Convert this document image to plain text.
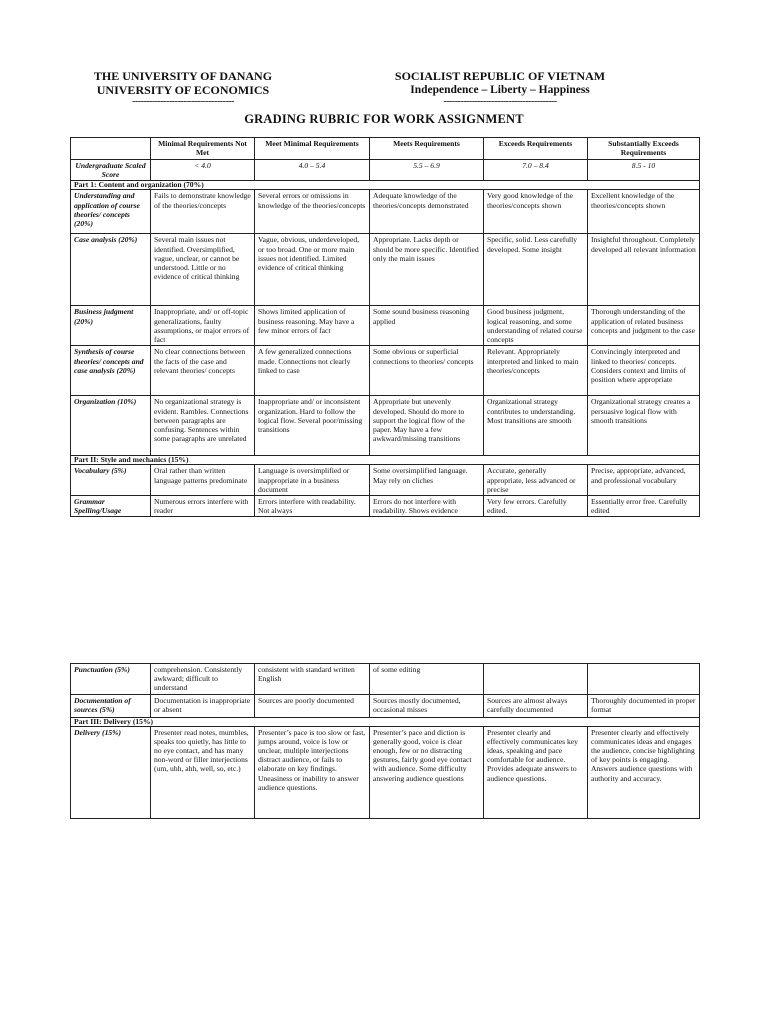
THE UNIVERSITY OF DANANG
UNIVERSITY OF ECONOMICS
------------------------------------
SOCIALIST REPUBLIC OF VIETNAM
Independence – Liberty – Happiness
----------------------------------------
GRADING RUBRIC FOR WORK ASSIGNMENT
	Minimal Requirements Not Met	Meet Minimal Requirements	Meets Requirements	Exceeds Requirements	Substantially Exceeds Requirements
Undergraduate Scaled Score	< 4.0	4.0 – 5.4	5.5 – 6.9	7.0 – 8.4	8.5 - 10
Part 1: Content and organization (70%)					
Understanding and application of course theories/ concepts (20%)	Fails to demonstrate knowledge of the theories/concepts	Several errors or omissions in knowledge of the theories/concepts	Adequate knowledge of the theories/concepts demonstrated	Very good knowledge of the theories/concepts shown	Excellent knowledge of the theories/concepts shown
Case analysis (20%)	Several main issues not identified. Oversimplified, vague, unclear, or cannot be understood. Little or no evidence of critical thinking	Vague, obvious, underdeveloped, or too broad. One or more main issues not identified. Limited evidence of critical thinking	Appropriate. Lacks depth or should be more specific. Identified only the main issues	Specific, solid. Less carefully developed. Some insight	Insightful throughout. Completely developed all relevant information
Business judgment (20%)	Inappropriate, and/ or off-topic generalizations, faulty assumptions, or major errors of fact	Shows limited application of business reasoning. May have a few minor errors of fact	Some sound business reasoning applied	Good business judgment, logical reasoning, and some understanding of related course concepts	Thorough understanding of the application of related business concepts and judgment to the case
Synthesis of course theories/ concepts and case analysis (20%)	No clear connections between the facts of the case and relevant theories/ concepts	A few generalized connections made. Connections not clearly linked to case	Some obvious or superficial connections to theories/ concepts	Relevant. Appropriately interpreted and linked to main theories/concepts	Convincingly interpreted and linked to theories/ concepts. Considers context and limits of position where appropriate
Organization (10%)	No organizational strategy is evident. Rambles. Connections between paragraphs are confusing. Sentences within some paragraphs are unrelated	Inappropriate and/ or inconsistent organization. Hard to follow the logical flow. Several poor/missing transitions	Appropriate but unevenly developed. Should do more to support the logical flow of the paper. May have a few awkward/missing transitions	Organizational strategy contributes to understanding. Most transitions are smooth	Organizational strategy creates a persuasive logical flow with smooth transitions
Part II: Style and mechanics (15%)					
Vocabulary (5%)	Oral rather than written language patterns predominate	Language is oversimplified or inappropriate in a business document	Some oversimplified language. May rely on cliches	Accurate, generally appropriate, less advanced or precise	Precise, appropriate, advanced, and professional vocabulary
Grammar Spelling/Usage	Numerous errors interfere with reader	Errors interfere with readability. Not always	Errors do not interfere with readability. Shows evidence	Very few errors. Carefully edited.	Essentially error free. Carefully edited
Punctuation (5%)	comprehension. Consistently awkward; difficult to understand	consistent with standard written English	of some editing		
Documentation of sources (5%)	Documentation is inappropriate or absent	Sources are poorly documented	Sources mostly documented, occasional misses	Sources are almost always carefully documented	Thoroughly documented in proper format
Part III: Delivery (15%)					
Delivery (15%)	Presenter read notes, mumbles, speaks too quietly, has little to no eye contact, and has many non-word or filler interjections (um, uhh, ahh, well, so, etc.)	Presenter’s pace is too slow or fast, jumps around, voice is low or unclear, multiple interjections distract audience, or fails to elaborate on key findings. Uneasiness or inability to answer audience questions.	Presenter’s pace and diction is generally good, voice is clear enough, few or no distracting gestures, fairly good eye contact with audience. Some difficulty answering audience questions	Presenter clearly and effectively communicates key ideas, speaking and pace comfortable for audience. Provides adequate answers to audience questions.	Presenter clearly and effectively communicates ideas and engages the audience, concise highlighting of key points is engaging. Answers audience questions with authority and accuracy.
